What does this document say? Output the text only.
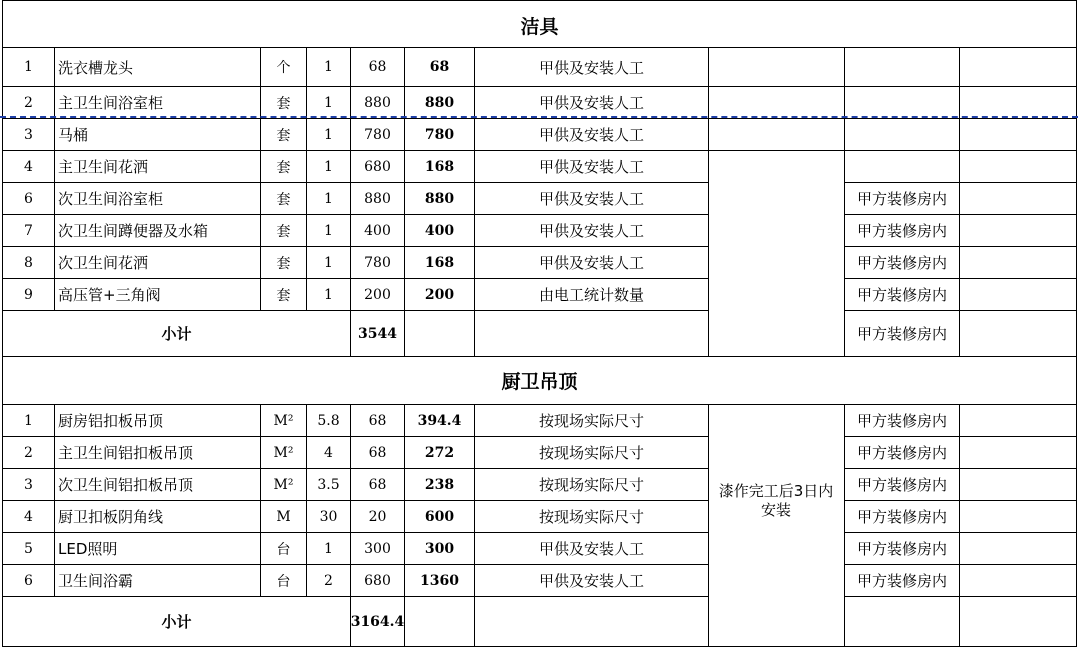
洁具
1	洗衣槽龙头	个	1	68	68	甲供及安装人工
2	主卫生间浴室柜	套	1	880	880	甲供及安装人工
3	马桶	套	1	780	780	甲供及安装人工
4	主卫生间花洒	套	1	680	168	甲供及安装人工
6	次卫生间浴室柜	套	1	880	880	甲供及安装人工	甲方装修房内
7	次卫生间蹲便器及水箱	套	1	400	400	甲供及安装人工	甲方装修房内
8	次卫生间花洒	套	1	780	168	甲供及安装人工	甲方装修房内
9	高压管+三角阀	套	1	200	200	由电工统计数量	甲方装修房内
小计	3544	甲方装修房内
厨卫吊顶
1	厨房铝扣板吊顶	M²	5.8	68	394.4	按现场实际尺寸	甲方装修房内
2	主卫生间铝扣板吊顶	M²	4	68	272	按现场实际尺寸	甲方装修房内
3	次卫生间铝扣板吊顶	M²	3.5	68	238	按现场实际尺寸	甲方装修房内
4	厨卫扣板阴角线	M	30	20	600	按现场实际尺寸	甲方装修房内
5	LED照明	台	1	300	300	甲供及安装人工	甲方装修房内
6	卫生间浴霸	台	2	680	1360	甲供及安装人工	甲方装修房内
小计	3164.4
漆作完工后3日内安装
